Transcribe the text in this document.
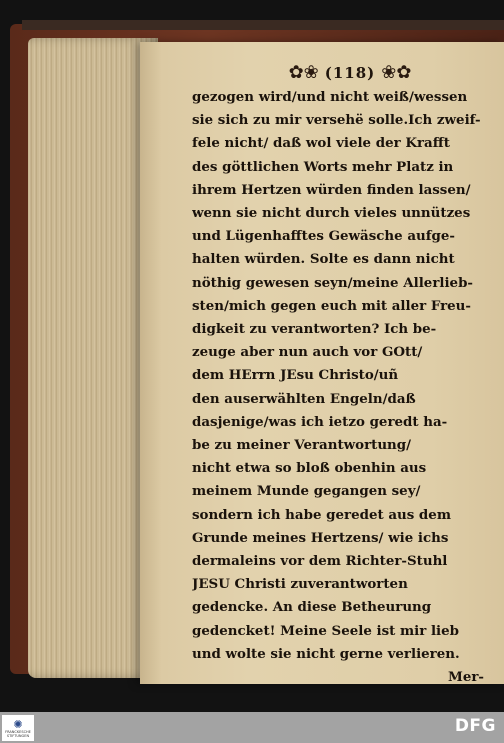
✿❀ (118) ❀✿
gezogen wird/und nicht weiß/wessen
sie sich zu mir versehë solle.Ich zweif-
fele nicht/ daß wol viele der Krafft
des göttlichen Worts mehr Platz in
ihrem Hertzen würden finden lassen/
wenn sie nicht durch vieles unnützes
und Lügenhafftes Gewäsche aufge-
halten würden. Solte es dann nicht
nöthig gewesen seyn/meine Allerlieb-
sten/mich gegen euch mit aller Freu-
digkeit zu verantworten? Ich be-
zeuge aber nun auch vor GOtt/
dem HErrn JEsu Christo/uñ
den auserwählten Engeln/daß
dasjenige/was ich ietzo geredt ha-
be zu meiner Verantwortung/
nicht etwa so bloß obenhin aus
meinem Munde gegangen sey/
sondern ich habe geredet aus dem
Grunde meines Hertzens/ wie ichs
dermaleins vor dem Richter-Stuhl
JESU Christi zuverantworten
gedencke. An diese Betheurung
gedencket! Meine Seele ist mir lieb
und wolte sie nicht gerne verlieren.
Mer-
✺
FRANCKESCHE STIFTUNGEN	DFG
